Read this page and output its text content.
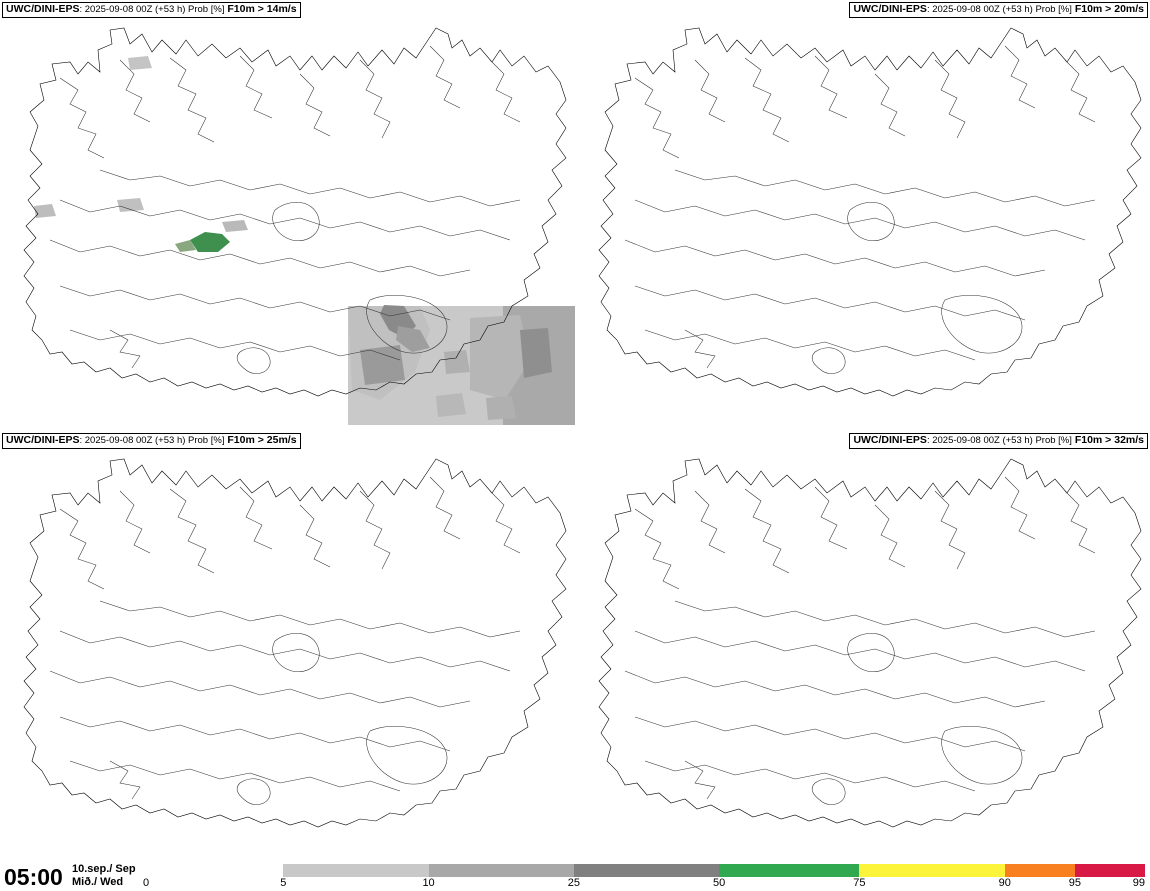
UWC/DINI-EPS: 2025-09-08 00Z (+53 h) Prob [%] F10m > 14m/s	UWC/DINI-EPS: 2025-09-08 00Z (+53 h) Prob [%] F10m > 20m/s
UWC/DINI-EPS: 2025-09-08 00Z (+53 h) Prob [%] F10m > 25m/s	UWC/DINI-EPS: 2025-09-08 00Z (+53 h) Prob [%] F10m > 32m/s
05:00 10.sep./ Sep
Mið./ Wed	0	5	10	25	50	75	90	95	99
